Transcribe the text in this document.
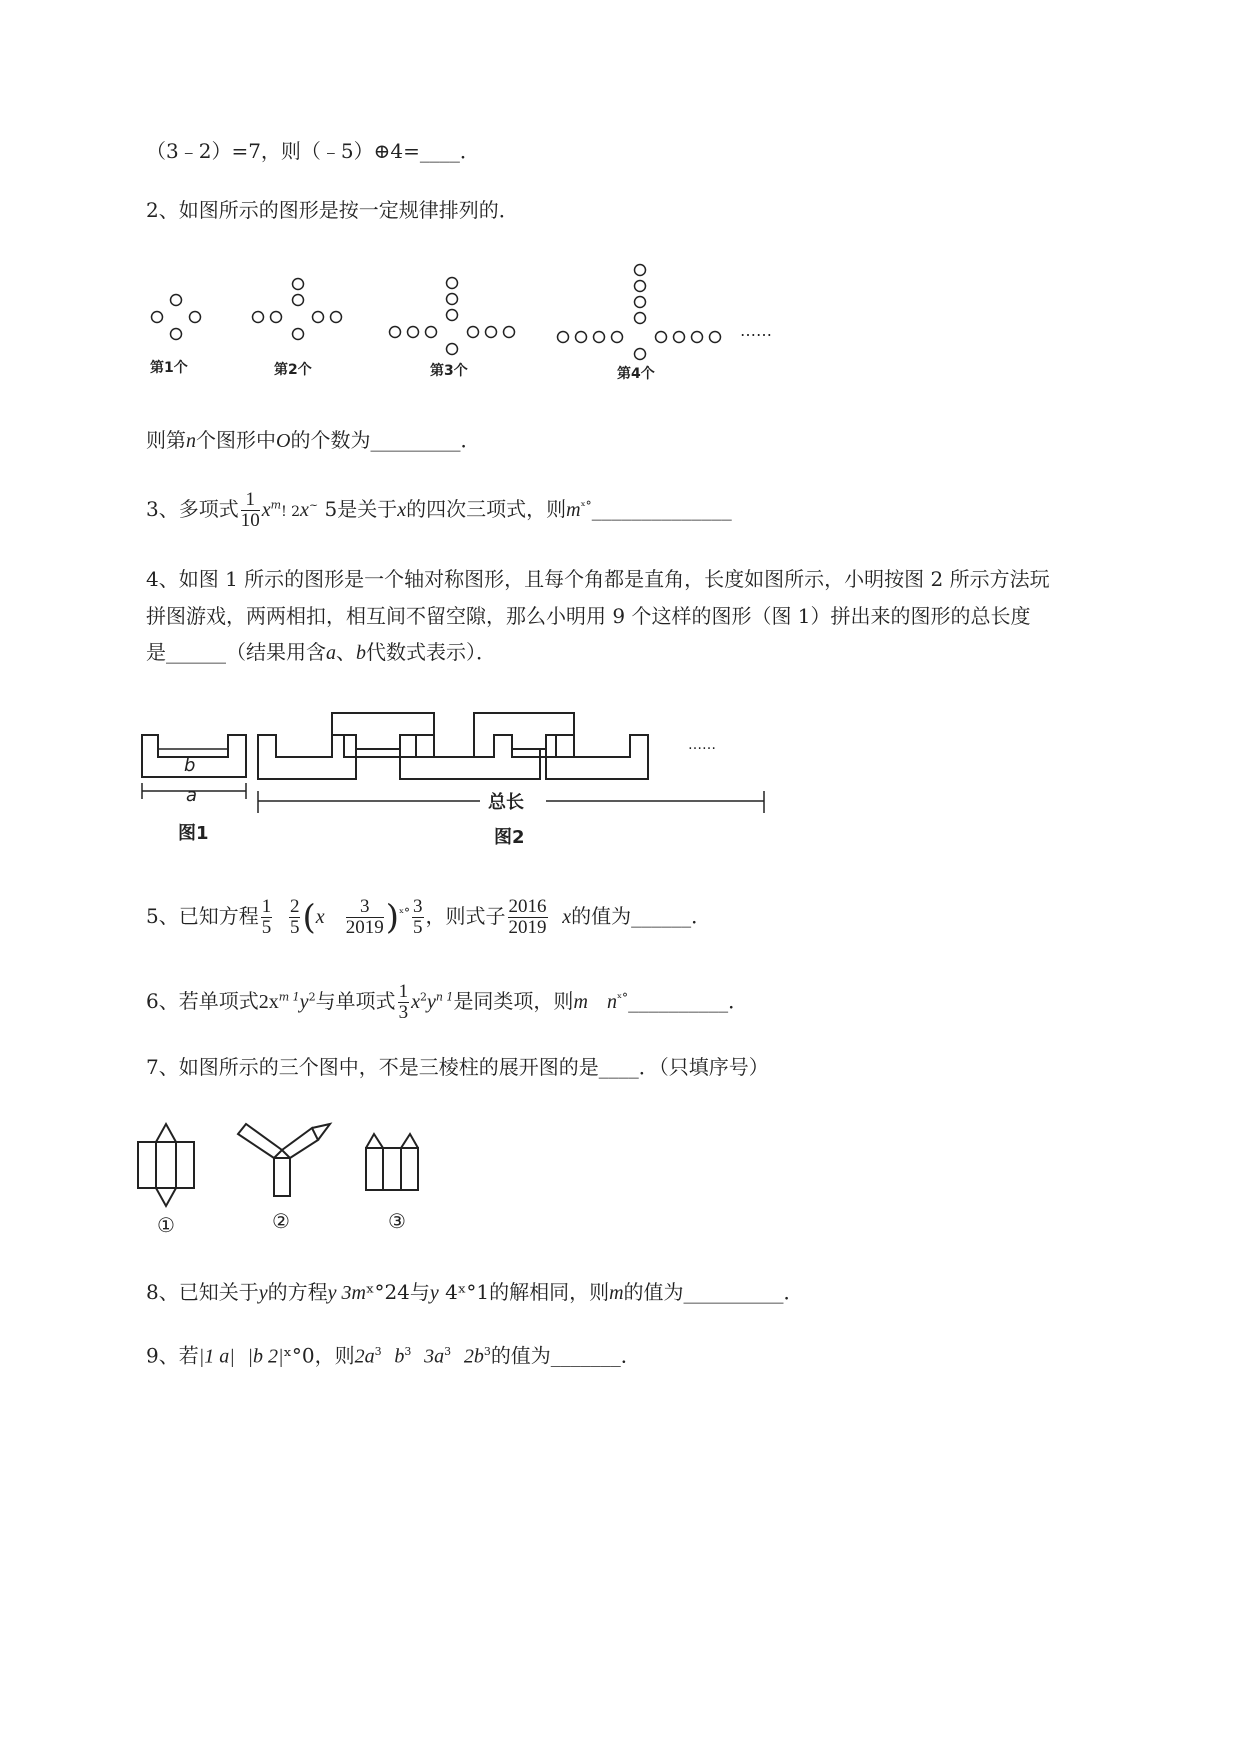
（3﹣2）=7，则（﹣5）⊕4=____．
2、如图所示的图形是按一定规律排列的．
……
第1个	第2个	第3个	第4个
则第n个图形中O的个数为_________．
3、多项式 $\frac{1}{10} x^m$! 2x~ 5是关于x的四次三项式，则$m^{ˣ^\circ}\_\_\_\_\_\_\_\_\_\_\_\_\_\_$
4、如图 1 所示的图形是一个轴对称图形，且每个角都是直角，长度如图所示，小明按图 2 所示方法玩
拼图游戏，两两相扣，相互间不留空隙，那么小明用 9 个这样的图形（图 1）拼出来的图形的总长度
是______（结果用含a、b代数式表示）．
b
a	总长
图1	图2
……
5、已知方程 $\frac{1}{5}$
$\frac{2}{5} (x \frac{3}{2019} )^{ˣ^\circ} \frac{3}{5}$ ，则式子 $\frac{2016}{2019}$ x的值为______．
6、若单项式$2x^{m 1}y^2$与单项式 $\frac{1}{3} x^2y^{n 1}$是同类项，则m $n^{ˣ^\circ}\_\_\_\_\_\_\_\_\_\_$．
7、如图所示的三个图中，不是三棱柱的展开图的是____．（只填序号）
①	②	③
8、已知关于y的方程y 3mˣ°24与y 4ˣ°1的解相同，则m的值为__________．
9、若|1 a| |b 2|ˣ°0，则$2a^3$ $b^3$ $3a^3$ $2b^3$的值为_______．
